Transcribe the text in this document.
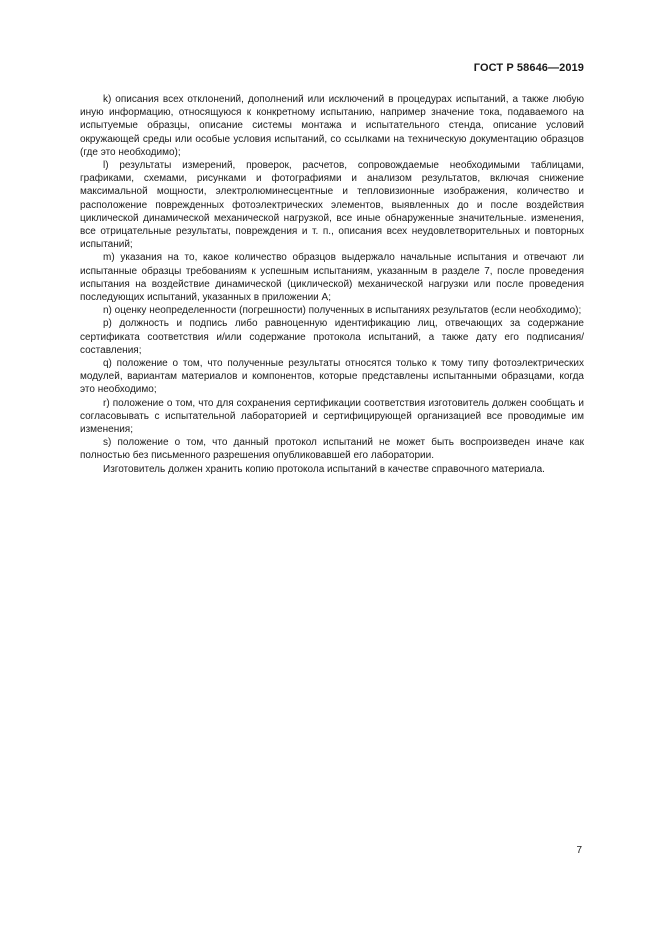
ГОСТ Р 58646—2019

k) описания всех отклонений, дополнений или исключений в процедурах испытаний, а также любую иную информацию, относящуюся к конкретному испытанию, например значение тока, подаваемого на испытуемые образцы, описание системы монтажа и испытательного стенда, описание условий окружающей среды или особые условия испытаний, со ссылками на техническую документацию образцов (где это необходимо);

l) результаты измерений, проверок, расчетов, сопровождаемые необходимыми таблицами, графиками, схемами, рисунками и фотографиями и анализом результатов, включая снижение максимальной мощности, электролюминесцентные и тепловизионные изображения, количество и расположение поврежденных фотоэлектрических элементов, выявленных до и после воздействия циклической динамической механической нагрузкой, все иные обнаруженные значительные. изменения, все отрицательные результаты, повреждения и т. п., описания всех неудовлетворительных и повторных испытаний;

m) указания на то, какое количество образцов выдержало начальные испытания и отвечают ли испытанные образцы требованиям к успешным испытаниям, указанным в разделе 7, после проведения испытания на воздействие динамической (циклической) механической нагрузки или после проведения последующих испытаний, указанных в приложении А;

n) оценку неопределенности (погрешности) полученных в испытаниях результатов (если необходимо);

p) должность и подпись либо равноценную идентификацию лиц, отвечающих за содержание сертификата соответствия и/или содержание протокола испытаний, а также дату его подписания/составления;

q) положение о том, что полученные результаты относятся только к тому типу фотоэлектрических модулей, вариантам материалов и компонентов, которые представлены испытанными образцами, когда это необходимо;

r) положение о том, что для сохранения сертификации соответствия изготовитель должен сообщать и согласовывать с испытательной лабораторией и сертифицирующей организацией все проводимые им изменения;

s) положение о том, что данный протокол испытаний не может быть воспроизведен иначе как полностью без письменного разрешения опубликовавшей его лаборатории.

Изготовитель должен хранить копию протокола испытаний в качестве справочного материала.

7
